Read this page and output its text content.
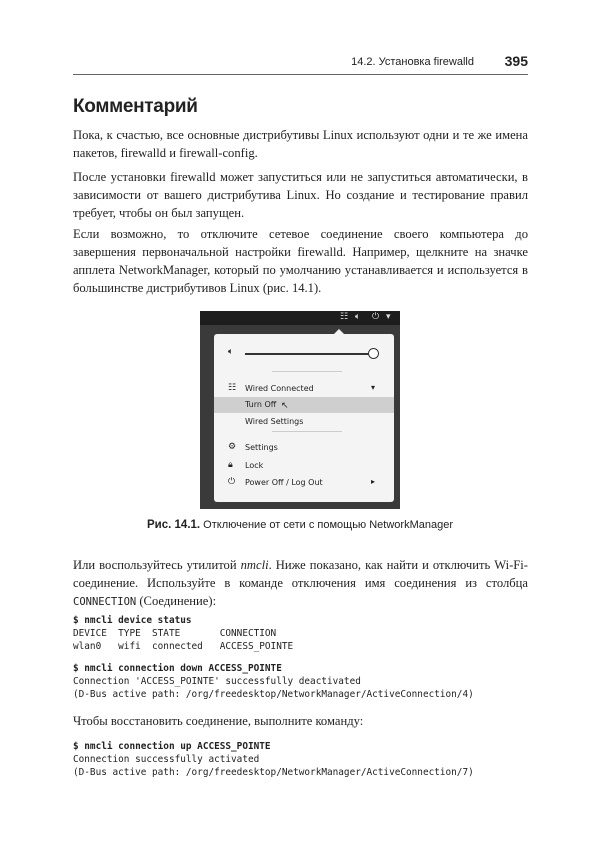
14.2. Установка firewalld 395
Комментарий

Пока, к счастью, все основные дистрибутивы Linux используют одни и те же имена пакетов, firewalld и firewall-config.

После установки firewalld может запуститься или не запуститься автоматически, в зависимости от вашего дистрибутива Linux. Но создание и тестирование правил требует, чтобы он был запущен.

Если возможно, то отключите сетевое соединение своего компьютера до завершения первоначальной настройки firewalld. Например, щелкните на значке апплета NetworkManager, который по умолчанию устанавливается и используется в большинстве дистрибутивов Linux (рис. 14.1).

☷ 🔈︎ ⏻ ▾
🔈︎
☷ Wired Connected	▾
Turn Off ↖
Wired Settings
⚙ Settings
🔒︎ Lock
⏻ Power Off / Log Out	▸
Рис. 14.1. Отключение от сети с помощью NetworkManager

Или воспользуйтесь утилитой nmcli. Ниже показано, как найти и отключить Wi-Fi-соединение. Используйте в команде отключения имя соединения из столбца CONNECTION (Соединение):

$ nmcli device status
DEVICE  TYPE  STATE       CONNECTION
wlan0   wifi  connected   ACCESS_POINTE
$ nmcli connection down ACCESS_POINTE
Connection 'ACCESS_POINTE' successfully deactivated
(D-Bus active path: /org/freedesktop/NetworkManager/ActiveConnection/4)

Чтобы восстановить соединение, выполните команду:

$ nmcli connection up ACCESS_POINTE
Connection successfully activated
(D-Bus active path: /org/freedesktop/NetworkManager/ActiveConnection/7)
